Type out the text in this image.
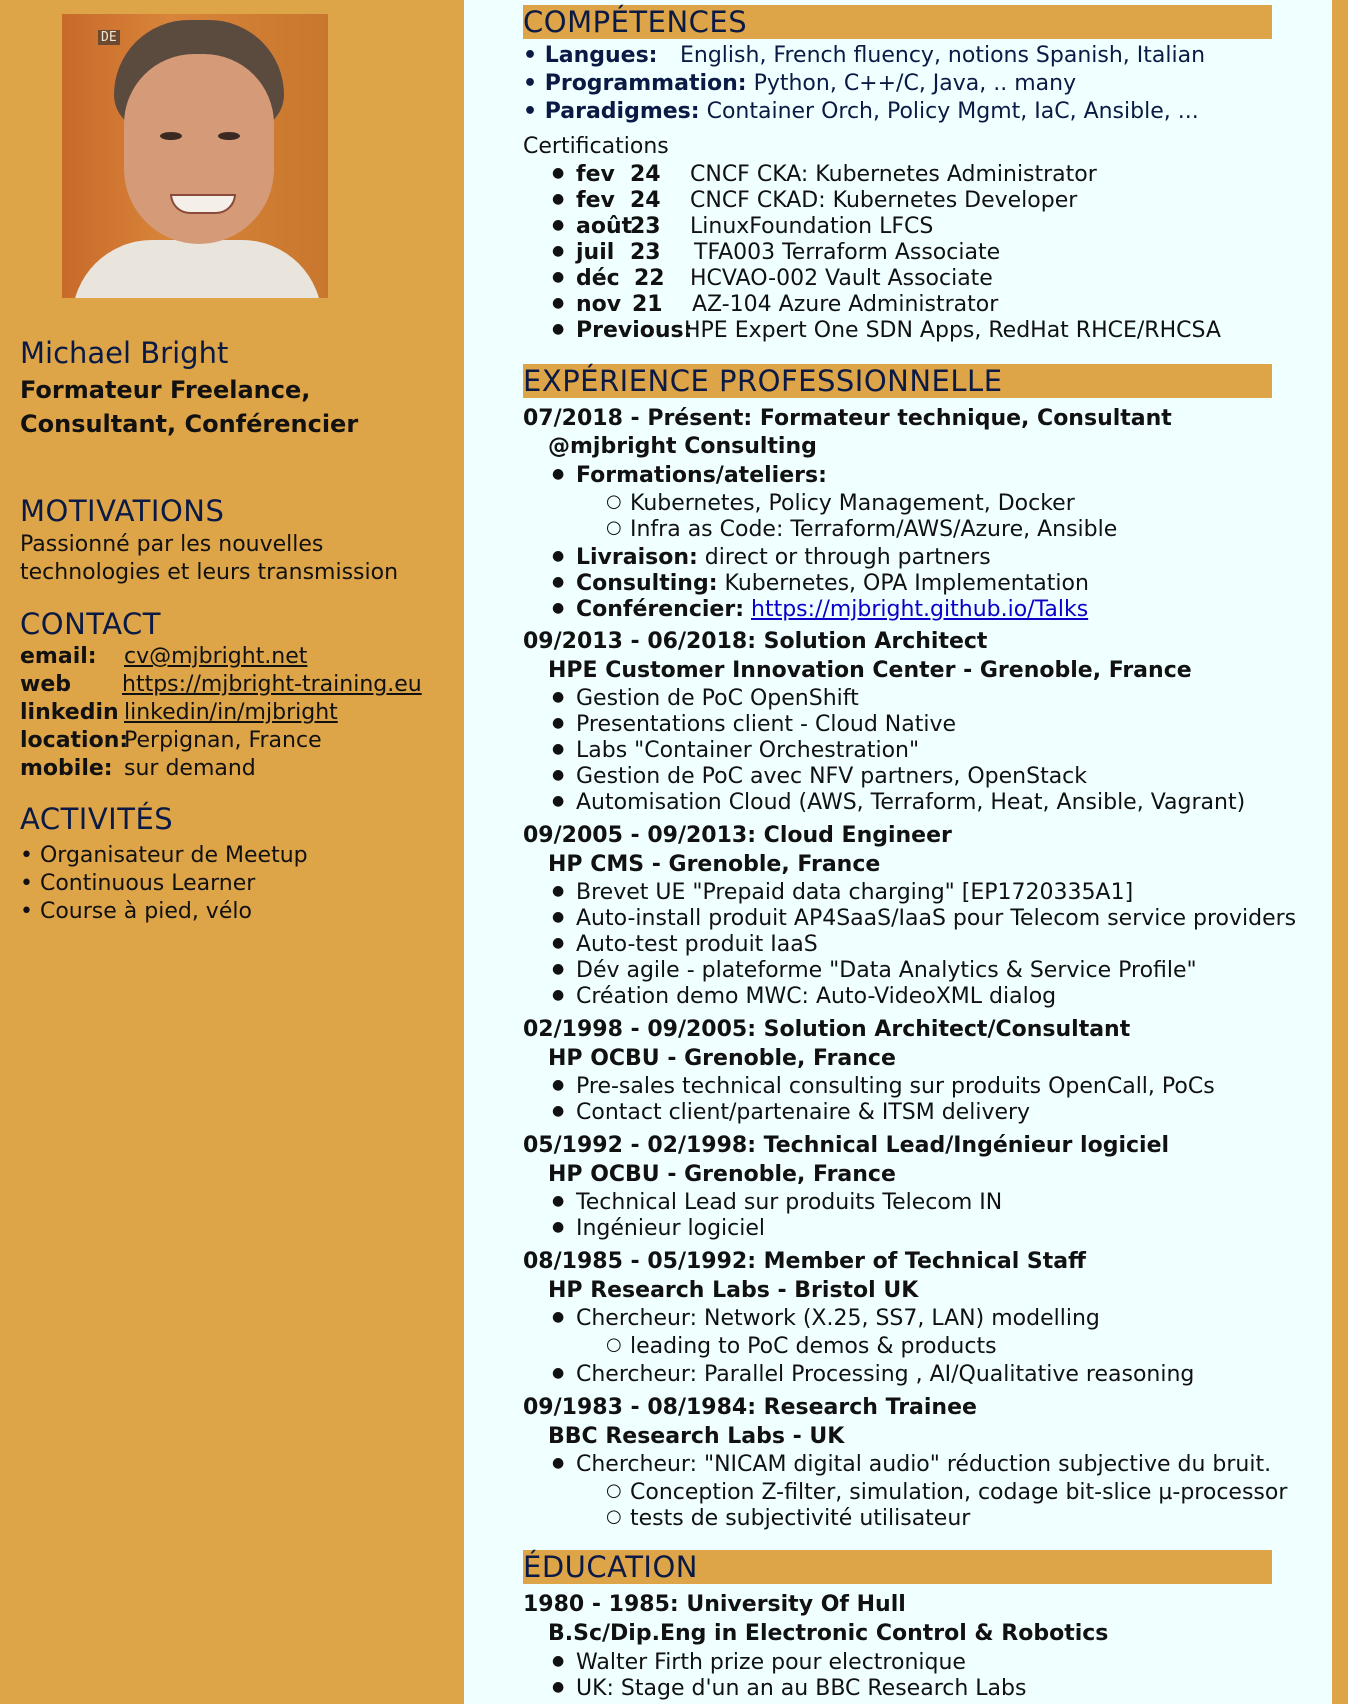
DE
Michael Bright
Formateur Freelance,
Consultant, Conférencier
MOTIVATIONS
Passionné par les nouvelles
technologies et leurs transmission
CONTACT
email: cv@mjbright.net
web https://mjbright-training.eu
linkedin linkedin/in/mjbright
location:
Perpignan, France
mobile: sur demand
ACTIVITÉS
• Organisateur de Meetup
• Continuous Learner
• Course à pied, vélo
COMPÉTENCES
• Langues: English, French fluency, notions Spanish, Italian
• Programmation: Python, C++/C, Java, .. many
• Paradigmes: Container Orch, Policy Mgmt, IaC, Ansible, ...
Certifications
fev 24 CNCF CKA: Kubernetes Administrator
fev 24 CNCF CKAD: Kubernetes Developer
août
23 LinuxFoundation LFCS
juil 23 TFA003 Terraform Associate
déc 22 HCVAO-002 Vault Associate
nov 21 AZ-104 Azure Administrator
Previous:
HPE Expert One SDN Apps, RedHat RHCE/RHCSA
EXPÉRIENCE PROFESSIONNELLE
07/2018 - Présent: Formateur technique, Consultant
@mjbright Consulting
● Formations/ateliers:
○ Kubernetes, Policy Management, Docker
○ Infra as Code: Terraform/AWS/Azure, Ansible
● Livraison: direct or through partners
● Consulting: Kubernetes, OPA Implementation
● Conférencier: https://mjbright.github.io/Talks
09/2013 - 06/2018: Solution Architect
HPE Customer Innovation Center - Grenoble, France
● Gestion de PoC OpenShift
● Presentations client - Cloud Native
● Labs "Container Orchestration"
● Gestion de PoC avec NFV partners, OpenStack
● Automisation Cloud (AWS, Terraform, Heat, Ansible, Vagrant)
09/2005 - 09/2013: Cloud Engineer
HP CMS - Grenoble, France
● Brevet UE "Prepaid data charging" [EP1720335A1]
● Auto-install produit AP4SaaS/IaaS pour Telecom service providers
● Auto-test produit IaaS
● Dév agile - plateforme "Data Analytics & Service Profile"
● Création demo MWC: Auto-VideoXML dialog
02/1998 - 09/2005: Solution Architect/Consultant
HP OCBU - Grenoble, France
● Pre-sales technical consulting sur produits OpenCall, PoCs
● Contact client/partenaire & ITSM delivery
05/1992 - 02/1998: Technical Lead/Ingénieur logiciel
HP OCBU - Grenoble, France
● Technical Lead sur produits Telecom IN
● Ingénieur logiciel
08/1985 - 05/1992: Member of Technical Staff
HP Research Labs - Bristol UK
● Chercheur: Network (X.25, SS7, LAN) modelling
○ leading to PoC demos & products
● Chercheur: Parallel Processing , AI/Qualitative reasoning
09/1983 - 08/1984: Research Trainee
BBC Research Labs - UK
● Chercheur: "NICAM digital audio" réduction subjective du bruit.
○ Conception Z-filter, simulation, codage bit-slice µ-processor
○ tests de subjectivité utilisateur
ÉDUCATION
1980 - 1985: University Of Hull
B.Sc/Dip.Eng in Electronic Control & Robotics
● Walter Firth prize pour electronique
● UK: Stage d'un an au BBC Research Labs
